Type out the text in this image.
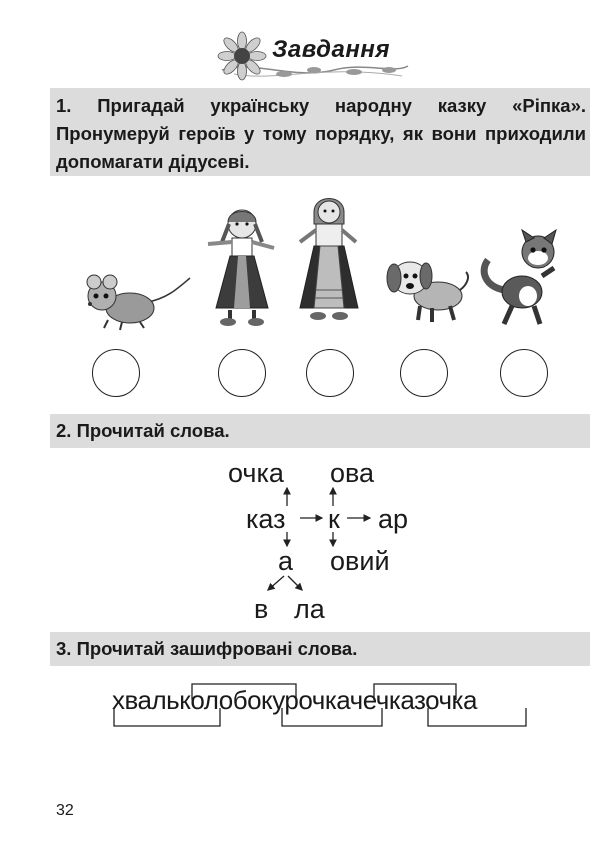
Завдання

1. Пригадай українську народну казку «Ріпка». Пронумеруй героїв у тому порядку, як вони приходили допомагати дідусеві.

2. Прочитай слова.
очка ова
каз к ар
а овий
в ла
3. Прочитай зашифровані слова.
хвальколобокурочкачечказочка
32
